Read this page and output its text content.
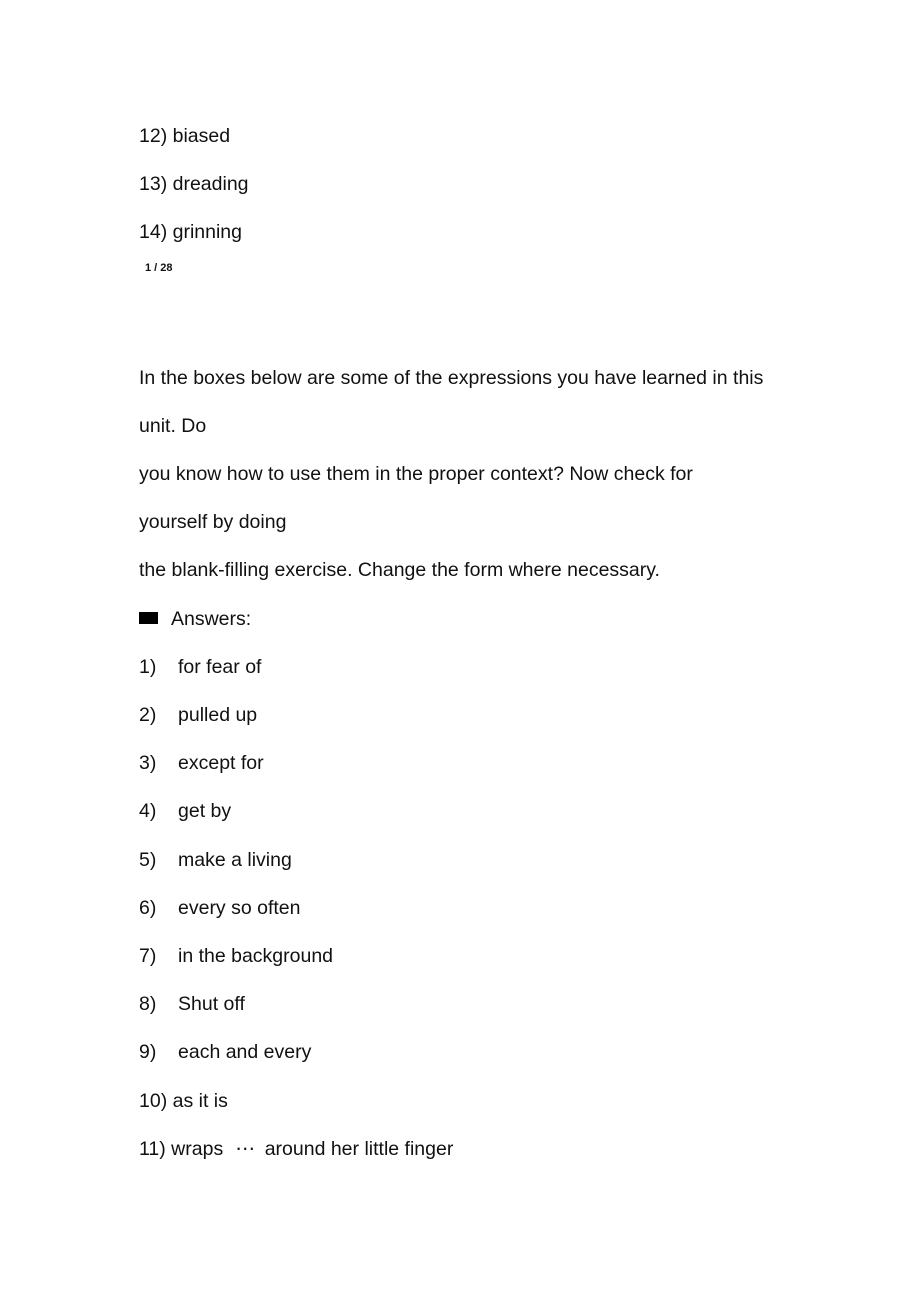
12) biased
13) dreading
14) grinning
1 / 28
In the boxes below are some of the expressions you have learned in this
unit. Do
you know how to use them in the proper context? Now check for
yourself by doing
the blank-filling exercise. Change the form where necessary.
Answers:
1) for fear of
2) pulled up
3) except for
4) get by
5) make a living
6) every so often
7) in the background
8) Shut off
9) each and every
10) as it is
11) wraps ⋯ around her little finger
